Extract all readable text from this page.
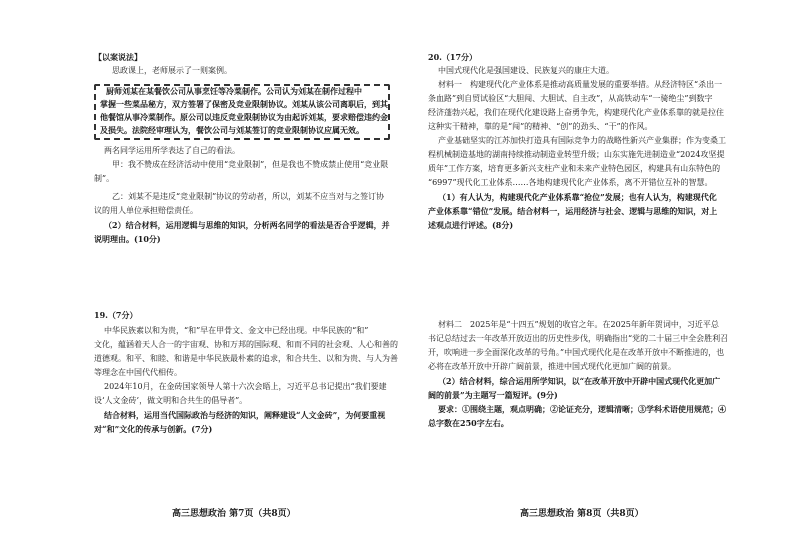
【以案说法】
思政课上，老师展示了一则案例。
厨师刘某在某餐饮公司从事烹饪等冷菜制作。公司认为刘某在制作过程中
掌握一些菜品秘方，双方签署了保密及竞业限制协议。刘某从该公司离职后，到其
他餐馆从事冷菜制作。原公司以违反竞业限制协议为由起诉刘某，要求赔偿违约金
及损失。法院经审理认为，餐饮公司与刘某签订的竞业限制协议应属无效。
两名同学运用所学表达了自己的看法。
甲：我不赞成在经济活动中使用“竞业限制”，但是我也不赞成禁止使用“竞业限
制”。
乙：刘某不是违反“竞业限制”协议的劳动者，所以，刘某不应当对与之签订协
议的用人单位承担赔偿责任。
（2）结合材料，运用逻辑与思维的知识，分析两名同学的看法是否合乎逻辑，并
说明理由。(10分)
19.（7分）
中华民族素以和为贵，“和”早在甲骨文、金文中已经出现。中华民族的“和”
文化，蕴涵着天人合一的宇宙观、协和万邦的国际观、和而不同的社会观、人心和善的
道德观。和平、和睦、和谐是中华民族最朴素的追求，和合共生、以和为贵、与人为善
等理念在中国代代相传。
2024年10月，在金砖国家领导人第十六次会晤上，习近平总书记提出“我们要建
设‘人文金砖’，做文明和合共生的倡导者”。
结合材料，运用当代国际政治与经济的知识，阐释建设“人文金砖”，为何要重视
对“和”文化的传承与创新。(7分)
高三思想政治 第7页（共8页）
20.（17分）
中国式现代化是强国建设、民族复兴的康庄大道。
材料一　构建现代化产业体系是推动高质量发展的重要举措。从经济特区“杀出一
条血路”到自贸试验区“大胆闯、大胆试、自主改”，从高铁动车“一骑绝尘”到数字
经济蓬勃兴起，我们在现代化建设路上奋勇争先，构建现代化产业体系靠的就是拉住
这种实干精神，靠的是“闯”的精神、“创”的劲头、“干”的作风。
产业基础坚实的江苏加快打造具有国际竞争力的战略性新兴产业集群；作为变桑工
程机械制造基地的湖南持续推动制造业转型升级；山东实施先进制造业“2024攻坚提
质年”工作方案，培育更多新兴支柱产业和未来产业特色园区，构建具有山东特色的
“6997”现代化工业体系……各地构建现代化产业体系，离不开错位互补的智慧。
（1）有人认为，构建现代化产业体系靠“抢位”发展；也有人认为，构建现代化
产业体系靠“错位”发展。结合材料一，运用经济与社会、逻辑与思维的知识，对上
述观点进行评述。(8分)
材料二　2025年是“十四五”规划的收官之年。在2025年新年贺词中，习近平总
书记总结过去一年改革开放迈出的历史性步伐，明确指出“党的二十届三中全会胜利召
开，吹响进一步全面深化改革的号角。”中国式现代化是在改革开放中不断推进的，也
必将在改革开放中开辟广阔前景，推进中国式现代化更加广阔的前景。
（2）结合材料，综合运用所学知识，以“在改革开放中开辟中国式现代化更加广
阔的前景”为主题写一篇短评。(9分)
要求：①围绕主题，观点明确；②论证充分，逻辑清晰；③学科术语使用规范；④
总字数在250字左右。
高三思想政治 第8页（共8页）
